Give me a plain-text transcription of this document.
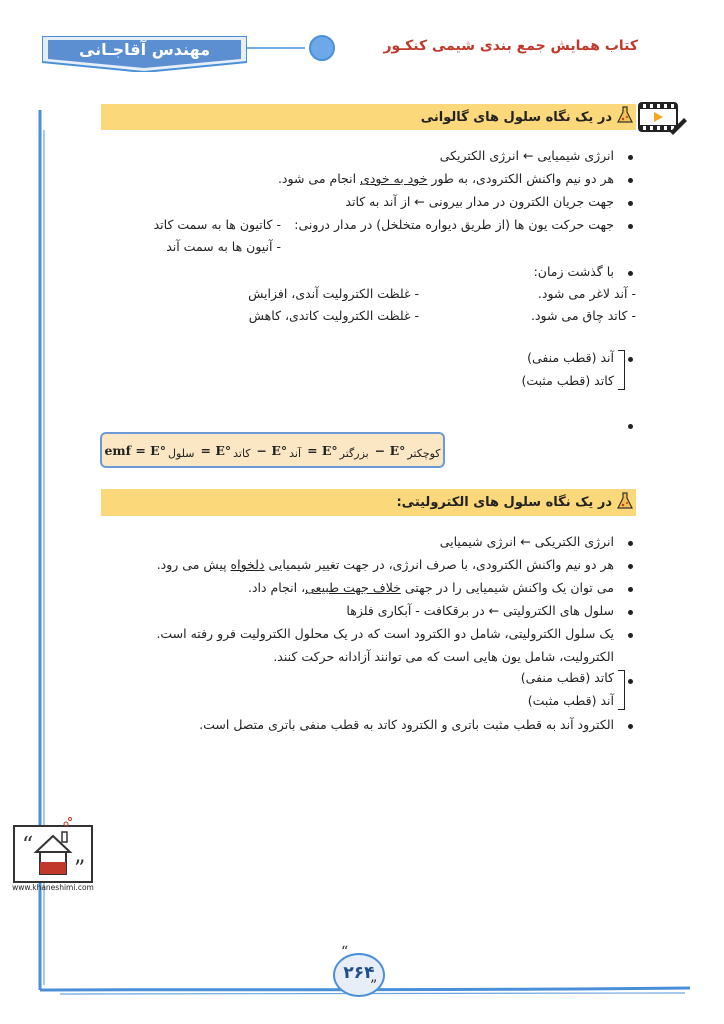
مهندس آقاجـانی	کتاب همایش جمع بندی شیمی کنکـور
در یک نگاه سلول های گالوانی
انرژی شیمیایی ← انرژی الکتریکی
هر دو نیم واکنش الکترودی، به طور خود به خودی انجام می شود.
جهت جریان الکترون در مدار بیرونی ← از آند به کاتد
جهت حرکت یون ها (از طریق دیواره متخلخل) در مدار درونی:
- کاتیون ها به سمت کاتد
- آنیون ها به سمت آند
با گذشت زمان:
- آند لاغر می شود.
- غلظت الکترولیت آندی، افزایش
- کاتد چاق می شود.
- غلظت الکترولیت کاتدی، کاهش
آند (قطب منفی)
کاتد (قطب مثبت)
emf = E° سلول = E° کاتد − E° آند = E° بزرگتر − E° کوچکتر
در یک نگاه سلول های الکترولیتی:
انرژی الکتریکی ← انرژی شیمیایی
هر دو نیم واکنش الکترودی، با صرف انرژی، در جهت تغییر شیمیایی دلخواه پیش می رود.
می توان یک واکنش شیمیایی را در جهتی خلاف جهت طبیعی، انجام داد.
سلول های الکترولیتی ← در برقکافت - آبکاری فلزها
یک سلول الکترولیتی، شامل دو الکترود است که در یک محلول الکترولیت فرو رفته است.
الکترولیت، شامل یون هایی است که می توانند آزادانه حرکت کنند.
کاتد (قطب منفی)
آند (قطب مثبت)
الکترود آند به قطب مثبت باتری و الکترود کاتد به قطب منفی باتری متصل است.
“
”
www.khaneshimi.com
“
”
۲۶۴
